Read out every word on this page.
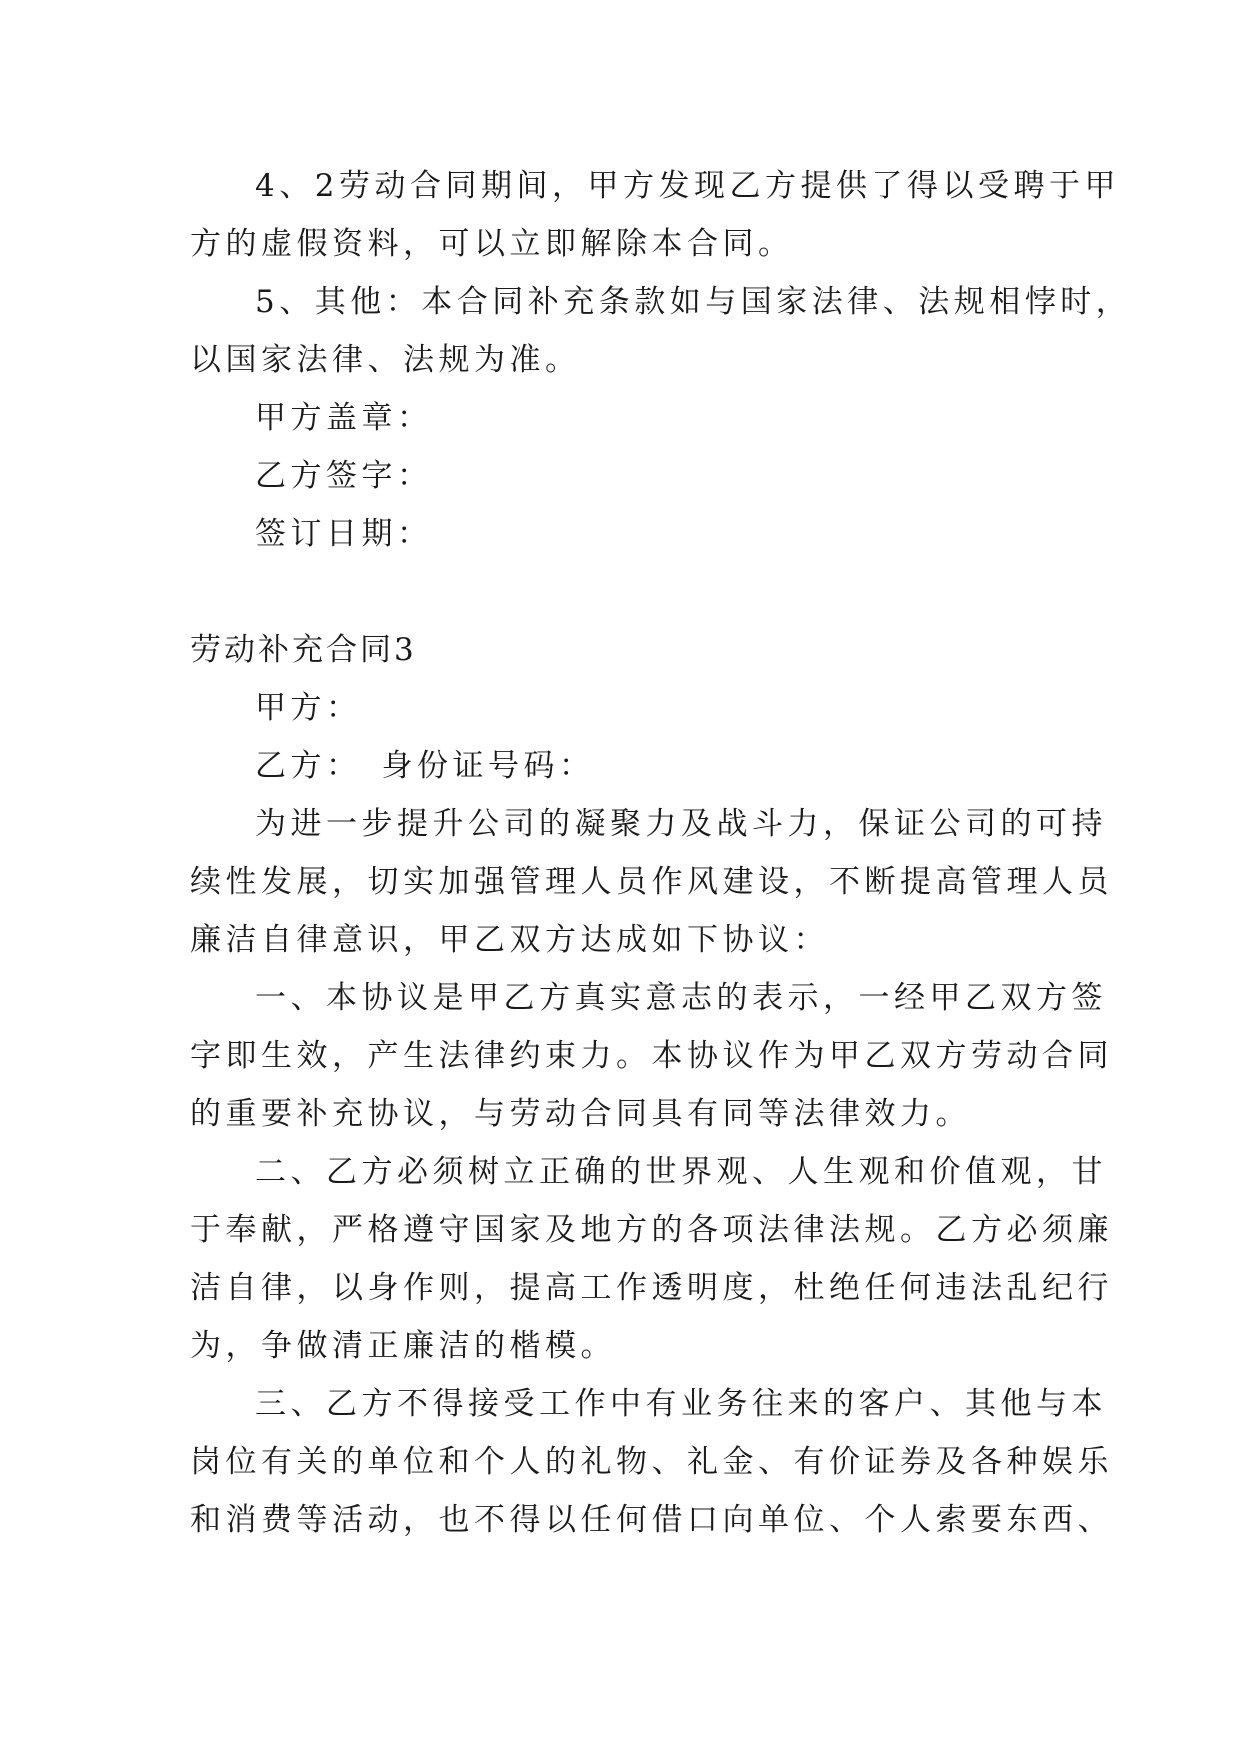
4、2劳动合同期间，甲方发现乙方提供了得以受聘于甲
方的虚假资料，可以立即解除本合同。
5、其他：本合同补充条款如与国家法律、法规相悖时，
以国家法律、法规为准。
甲方盖章：
乙方签字：
签订日期：
劳动补充合同3
甲方：
乙方：　身份证号码：
为进一步提升公司的凝聚力及战斗力，保证公司的可持
续性发展，切实加强管理人员作风建设，不断提高管理人员
廉洁自律意识，甲乙双方达成如下协议：
一、本协议是甲乙方真实意志的表示，一经甲乙双方签
字即生效，产生法律约束力。本协议作为甲乙双方劳动合同
的重要补充协议，与劳动合同具有同等法律效力。
二、乙方必须树立正确的世界观、人生观和价值观，甘
于奉献，严格遵守国家及地方的各项法律法规。乙方必须廉
洁自律，以身作则，提高工作透明度，杜绝任何违法乱纪行
为，争做清正廉洁的楷模。
三、乙方不得接受工作中有业务往来的客户、其他与本
岗位有关的单位和个人的礼物、礼金、有价证券及各种娱乐
和消费等活动，也不得以任何借口向单位、个人索要东西、
